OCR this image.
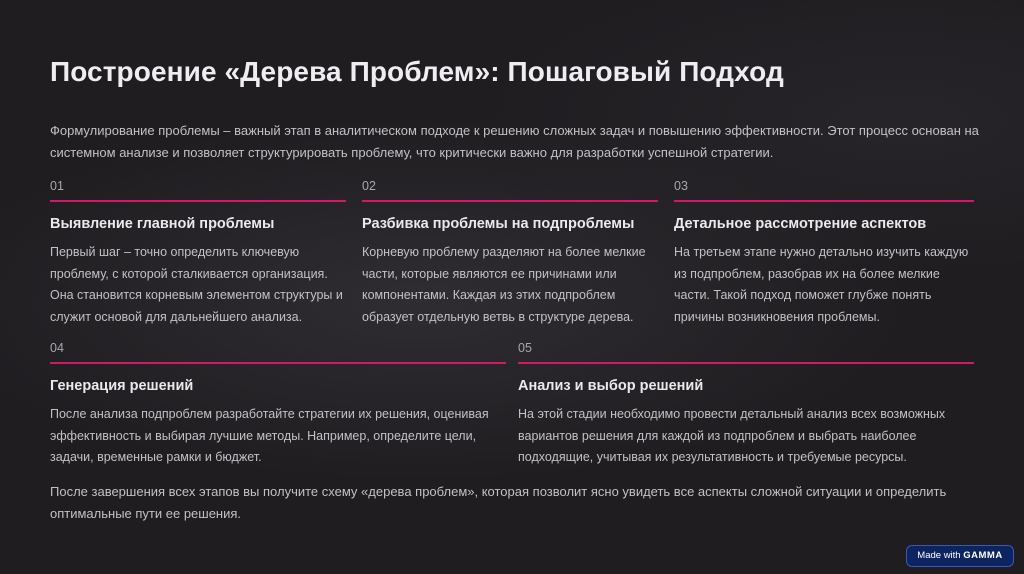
Построение «Дерева Проблем»: Пошаговый Подход
Формулирование проблемы – важный этап в аналитическом подходе к решению сложных задач и повышению эффективности. Этот процесс основан на системном анализе и позволяет структурировать проблему, что критически важно для разработки успешной стратегии.
01
Выявление главной проблемы
Первый шаг – точно определить ключевую проблему, с которой сталкивается организация. Она становится корневым элементом структуры и служит основой для дальнейшего анализа.
02
Разбивка проблемы на подпроблемы
Корневую проблему разделяют на более мелкие части, которые являются ее причинами или компонентами. Каждая из этих подпроблем образует отдельную ветвь в структуре дерева.
03
Детальное рассмотрение аспектов
На третьем этапе нужно детально изучить каждую из подпроблем, разобрав их на более мелкие части. Такой подход поможет глубже понять причины возникновения проблемы.
04
Генерация решений
После анализа подпроблем разработайте стратегии их решения, оценивая эффективность и выбирая лучшие методы. Например, определите цели, задачи, временные рамки и бюджет.
05
Анализ и выбор решений
На этой стадии необходимо провести детальный анализ всех возможных вариантов решения для каждой из подпроблем и выбрать наиболее подходящие, учитывая их результативность и требуемые ресурсы.
После завершения всех этапов вы получите схему «дерева проблем», которая позволит ясно увидеть все аспекты сложной ситуации и определить оптимальные пути ее решения.
Made with GAMMA
